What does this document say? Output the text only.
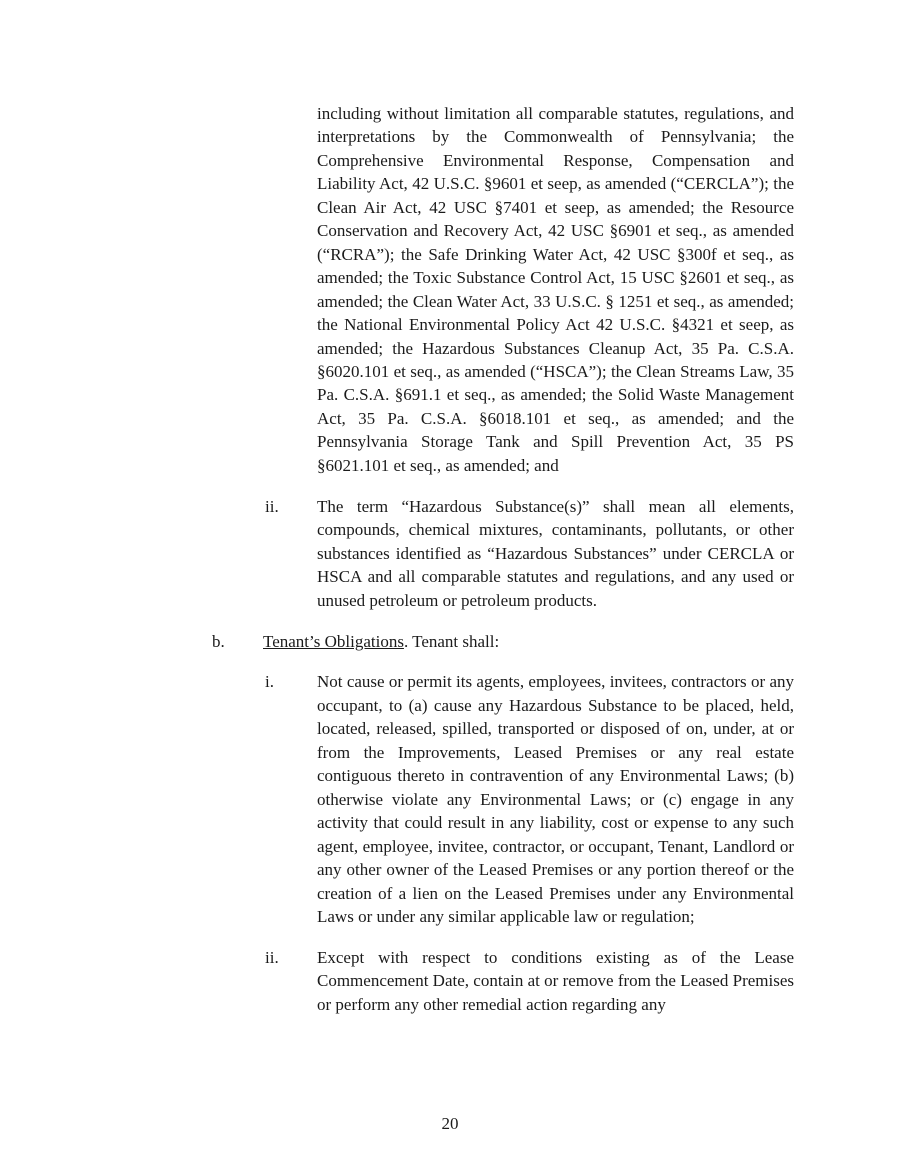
including without limitation all comparable statutes, regulations, and interpretations by the Commonwealth of Pennsylvania; the Comprehensive Environmental Response, Compensation and Liability Act, 42 U.S.C. §9601 et seep, as amended (“CERCLA”); the Clean Air Act, 42 USC §7401 et seep, as amended; the Resource Conservation and Recovery Act, 42 USC §6901 et seq., as amended (“RCRA”); the Safe Drinking Water Act, 42 USC §300f et seq., as amended; the Toxic Substance Control Act, 15 USC §2601 et seq., as amended; the Clean Water Act, 33 U.S.C. § 1251 et seq., as amended; the National Environmental Policy Act 42 U.S.C. §4321 et seep, as amended; the Hazardous Substances Cleanup Act, 35 Pa. C.S.A. §6020.101 et seq., as amended (“HSCA”); the Clean Streams Law, 35 Pa. C.S.A. §691.1 et seq., as amended; the Solid Waste Management Act, 35 Pa. C.S.A. §6018.101 et seq., as amended; and the Pennsylvania Storage Tank and Spill Prevention Act, 35 PS §6021.101 et seq., as amended; and

ii.	The term “Hazardous Substance(s)” shall mean all elements, compounds, chemical mixtures, contaminants, pollutants, or other substances identified as “Hazardous Substances” under CERCLA or HSCA and all comparable statutes and regulations, and any used or unused petroleum or petroleum products.

b.	Tenant’s Obligations. Tenant shall:

i.	Not cause or permit its agents, employees, invitees, contractors or any occupant, to (a) cause any Hazardous Substance to be placed, held, located, released, spilled, transported or disposed of on, under, at or from the Improvements, Leased Premises or any real estate contiguous thereto in contravention of any Environmental Laws; (b) otherwise violate any Environmental Laws; or (c) engage in any activity that could result in any liability, cost or expense to any such agent, employee, invitee, contractor, or occupant, Tenant, Landlord or any other owner of the Leased Premises or any portion thereof or the creation of a lien on the Leased Premises under any Environmental Laws or under any similar applicable law or regulation;

ii.	Except with respect to conditions existing as of the Lease Commencement Date, contain at or remove from the Leased Premises or perform any other remedial action regarding any

20
